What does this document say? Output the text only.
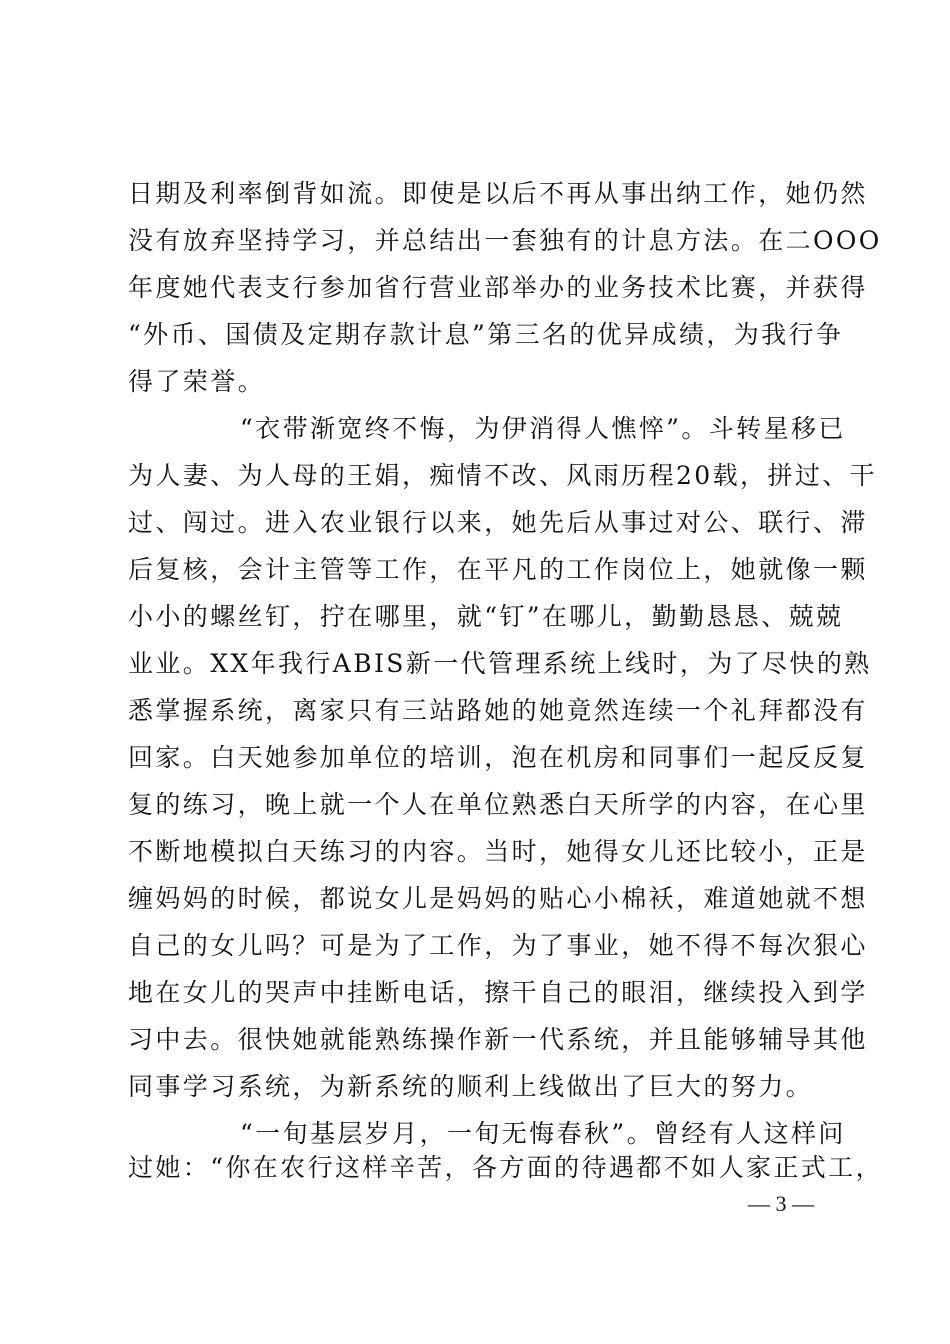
日期及利率倒背如流。即使是以后不再从事出纳工作，她仍然
没有放弃坚持学习，并总结出一套独有的计息方法。在二OOO
年度她代表支行参加省行营业部举办的业务技术比赛，并获得
“外币、国债及定期存款计息”第三名的优异成绩，为我行争
得了荣誉。
“衣带渐宽终不悔，为伊消得人憔悴”。斗转星移已
为人妻、为人母的王娟，痴情不改、风雨历程20载，拼过、干
过、闯过。进入农业银行以来，她先后从事过对公、联行、滞
后复核，会计主管等工作，在平凡的工作岗位上，她就像一颗
小小的螺丝钉，拧在哪里，就“钉”在哪儿，勤勤恳恳、兢兢
业业。XX年我行ABIS新一代管理系统上线时，为了尽快的熟
悉掌握系统，离家只有三站路她的她竟然连续一个礼拜都没有
回家。白天她参加单位的培训，泡在机房和同事们一起反反复
复的练习，晚上就一个人在单位熟悉白天所学的内容，在心里
不断地模拟白天练习的内容。当时，她得女儿还比较小，正是
缠妈妈的时候，都说女儿是妈妈的贴心小棉袄，难道她就不想
自己的女儿吗？可是为了工作，为了事业，她不得不每次狠心
地在女儿的哭声中挂断电话，擦干自己的眼泪，继续投入到学
习中去。很快她就能熟练操作新一代系统，并且能够辅导其他
同事学习系统，为新系统的顺利上线做出了巨大的努力。
“一旬基层岁月，一旬无悔春秋”。曾经有人这样问
过她：“你在农行这样辛苦，各方面的待遇都不如人家正式工，
— 3 —
